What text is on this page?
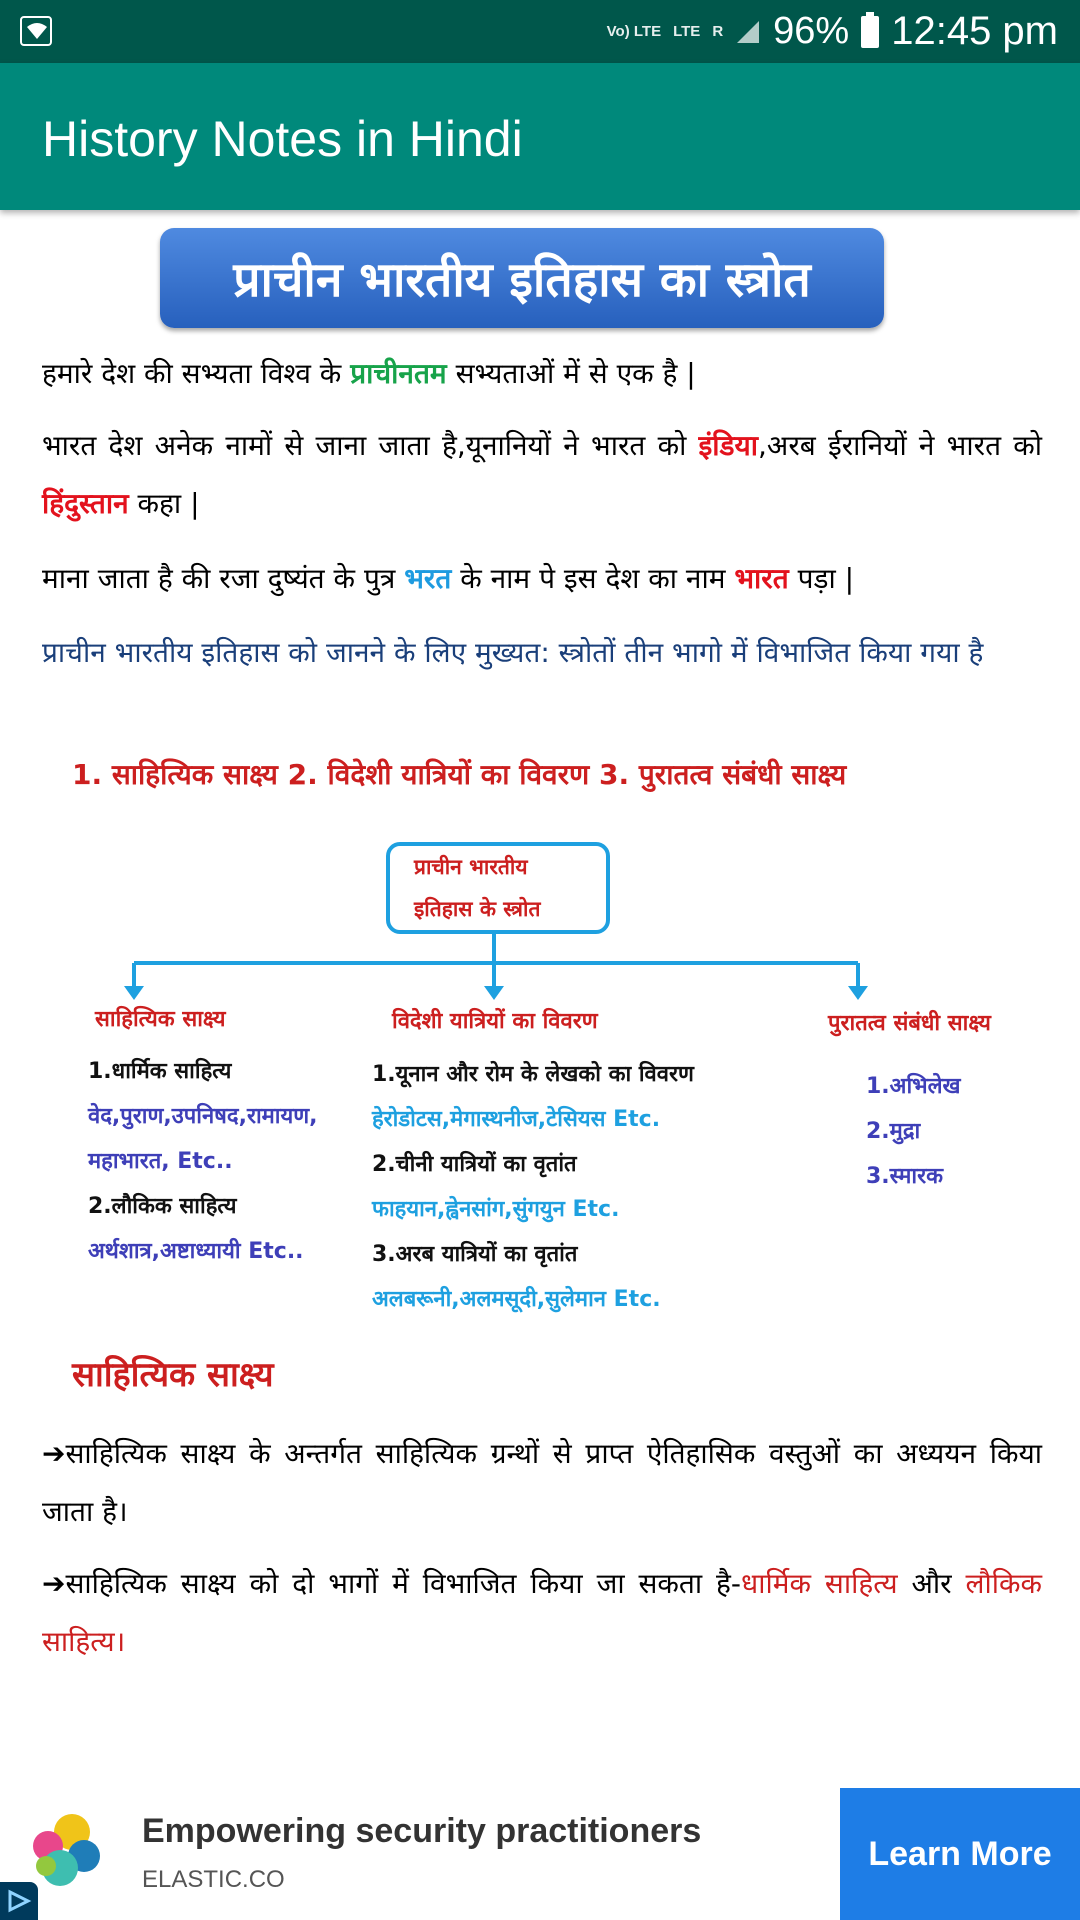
Vo) LTE LTE R 96% 12:45 pm
History Notes in Hindi
प्राचीन भारतीय इतिहास का स्त्रोत

हमारे देश की सभ्यता विश्व के प्राचीनतम सभ्यताओं में से एक है |

भारत देश अनेक नामों से जाना जाता है,यूनानियों ने भारत को इंडिया,अरब ईरानियों ने भारत को हिंदुस्तान कहा |

माना जाता है की रजा दुष्यंत के पुत्र भरत के नाम पे इस देश का नाम भारत पड़ा |

प्राचीन भारतीय इतिहास को जानने के लिए मुख्यत: स्त्रोतों तीन भागो में विभाजित किया गया है

1. साहित्यिक साक्ष्य 2. विदेशी यात्रियों का विवरण 3. पुरातत्व संबंधी साक्ष्य

प्राचीन भारतीय
इतिहास के स्त्रोत
साहित्यिक साक्ष्य	विदेशी यात्रियों का विवरण	पुरातत्व संबंधी साक्ष्य
1.धार्मिक साहित्य
वेद,पुराण,उपनिषद,रामायण,
महाभारत, Etc..
2.लौकिक साहित्य
अर्थशात्र,अष्टाध्यायी Etc..
1.यूनान और रोम के लेखको का विवरण
हेरोडोटस,मेगास्थनीज,टेसियस Etc.
2.चीनी यात्रियों का वृतांत
फाहयान,ह्वेनसांग,सुंगयुन Etc.
3.अरब यात्रियों का वृतांत
अलबरूनी,अलमसूदी,सुलेमान Etc.
1.अभिलेख
2.मुद्रा
3.स्मारक
साहित्यिक साक्ष्य

➔साहित्यिक साक्ष्य के अन्तर्गत साहित्यिक ग्रन्थों से प्राप्त ऐतिहासिक वस्तुओं का अध्ययन किया जाता है।

➔साहित्यिक साक्ष्य को दो भागों में विभाजित किया जा सकता है-धार्मिक साहित्य और लौकिक साहित्य।

Empowering security practitioners
ELASTIC.CO
Learn More
